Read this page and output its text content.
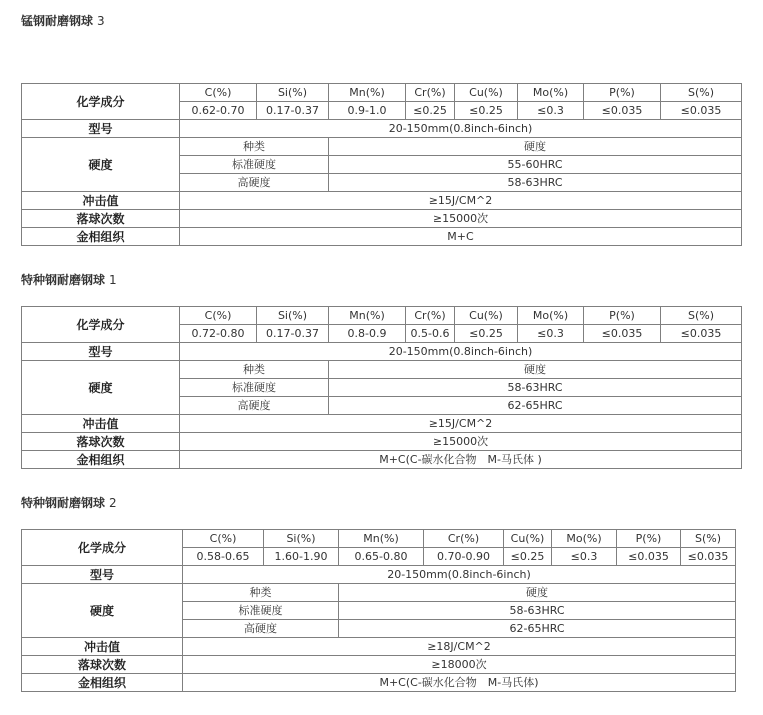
锰钢耐磨钢球 3
化学成分	C(%)	Si(%)	Mn(%)	Cr(%)	Cu(%)	Mo(%)	P(%)	S(%)
	0.62-0.70	0.17-0.37	0.9-1.0	≤0.25	≤0.25	≤0.3	≤0.035	≤0.035
型号	20-150mm(0.8inch-6inch)							
硬度	种类		硬度					
	标准硬度		55-60HRC					
	高硬度		58-63HRC					
冲击值	≥15J/CM^2							
落球次数	≥15000次							
金相组织	M+C							
特种钢耐磨钢球 1
化学成分	C(%)	Si(%)	Mn(%)	Cr(%)	Cu(%)	Mo(%)	P(%)	S(%)
	0.72-0.80	0.17-0.37	0.8-0.9	0.5-0.6	≤0.25	≤0.3	≤0.035	≤0.035
型号	20-150mm(0.8inch-6inch)							
硬度	种类		硬度					
	标准硬度		58-63HRC					
	高硬度		62-65HRC					
冲击值	≥15J/CM^2							
落球次数	≥15000次							
金相组织	M+C(C-碳水化合物　M-马氏体 )							
特种钢耐磨钢球 2
化学成分	C(%)	Si(%)	Mn(%)	Cr(%)	Cu(%)	Mo(%)	P(%)	S(%)
	0.58-0.65	1.60-1.90	0.65-0.80	0.70-0.90	≤0.25	≤0.3	≤0.035	≤0.035
型号	20-150mm(0.8inch-6inch)							
硬度	种类		硬度					
	标准硬度		58-63HRC					
	高硬度		62-65HRC					
冲击值	≥18J/CM^2							
落球次数	≥18000次							
金相组织	M+C(C-碳水化合物　M-马氏体)							
